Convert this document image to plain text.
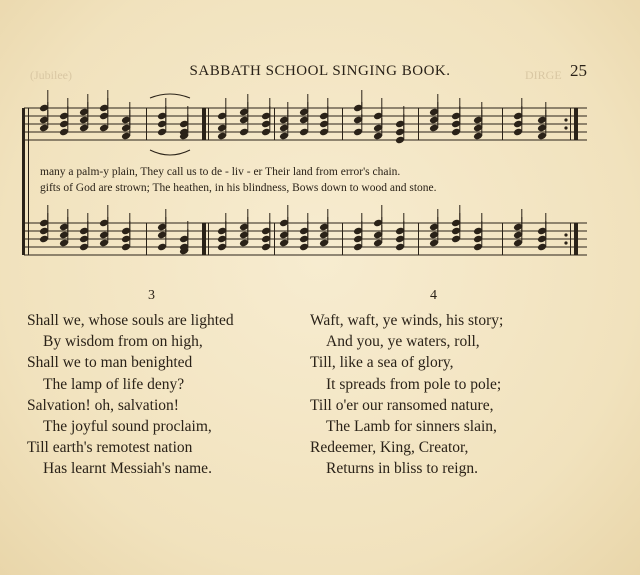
(Jubilee)	DIRGE
SABBATH SCHOOL SINGING BOOK.	25
many a palm-y plain, They call us to de - liv - er Their land from error's chain.
gifts of God are strown; The heathen, in his blindness, Bows down to wood and stone.
3	4
Shall we, whose souls are lighted
By wisdom from on high,
Shall we to man benighted
The lamp of life deny?
Salvation! oh, salvation!
The joyful sound proclaim,
Till earth's remotest nation
Has learnt Messiah's name.
Waft, waft, ye winds, his story;
And you, ye waters, roll,
Till, like a sea of glory,
It spreads from pole to pole;
Till o'er our ransomed nature,
The Lamb for sinners slain,
Redeemer, King, Creator,
Returns in bliss to reign.
